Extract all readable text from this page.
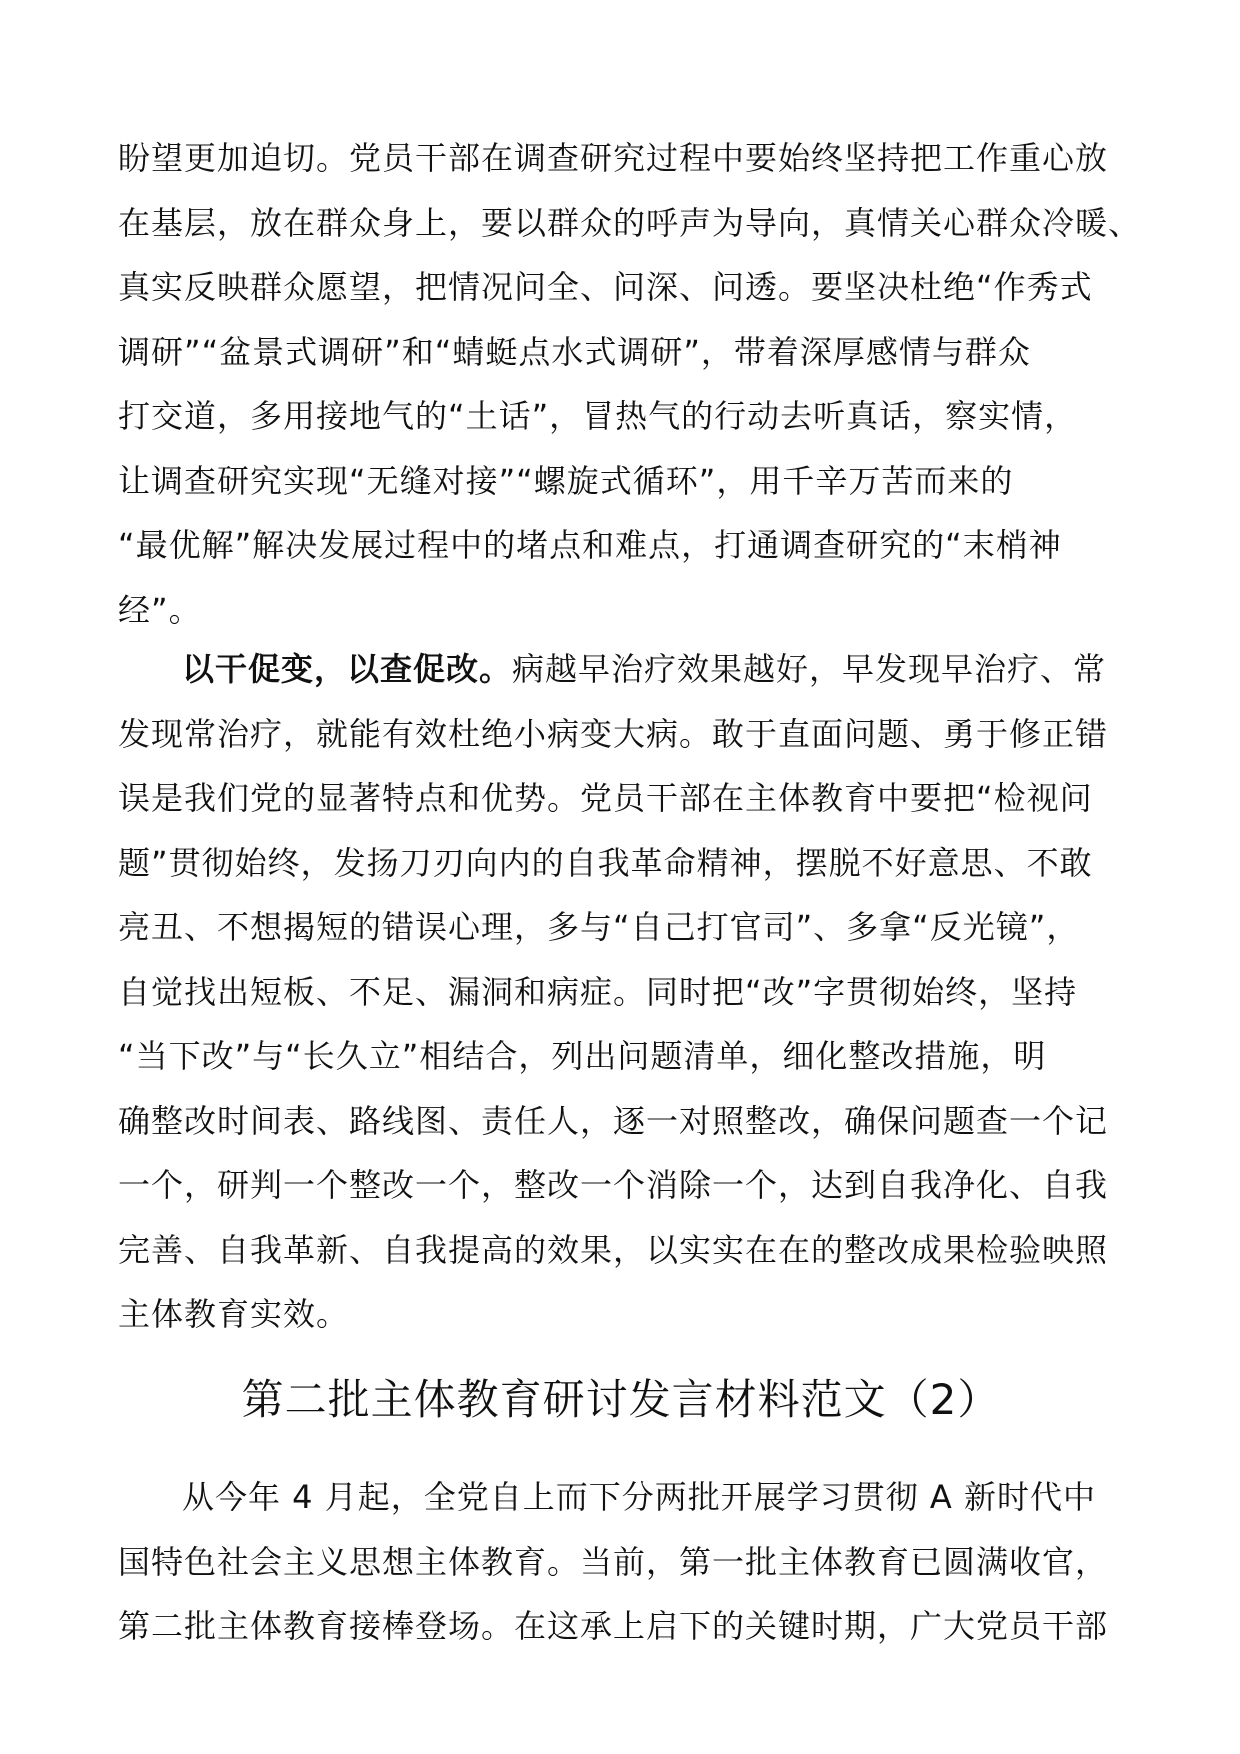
盼望更加迫切。党员干部在调查研究过程中要始终坚持把工作重心放
在基层，放在群众身上，要以群众的呼声为导向，真情关心群众冷暖、
真实反映群众愿望，把情况问全、问深、问透。要坚决杜绝“作秀式
调研”“盆景式调研”和“蜻蜓点水式调研”，带着深厚感情与群众
打交道，多用接地气的“土话”，冒热气的行动去听真话，察实情，
让调查研究实现“无缝对接”“螺旋式循环”，用千辛万苦而来的
“最优解”解决发展过程中的堵点和难点，打通调查研究的“末梢神
经”。
以干促变，以查促改。病越早治疗效果越好，早发现早治疗、常
发现常治疗，就能有效杜绝小病变大病。敢于直面问题、勇于修正错
误是我们党的显著特点和优势。党员干部在主体教育中要把“检视问
题”贯彻始终，发扬刀刃向内的自我革命精神，摆脱不好意思、不敢
亮丑、不想揭短的错误心理，多与“自己打官司”、多拿“反光镜”，
自觉找出短板、不足、漏洞和病症。同时把“改”字贯彻始终，坚持
“当下改”与“长久立”相结合，列出问题清单，细化整改措施，明
确整改时间表、路线图、责任人，逐一对照整改，确保问题查一个记
一个，研判一个整改一个，整改一个消除一个，达到自我净化、自我
完善、自我革新、自我提高的效果，以实实在在的整改成果检验映照
主体教育实效。
第二批主体教育研讨发言材料范文（2）
从今年 4 月起，全党自上而下分两批开展学习贯彻 A 新时代中
国特色社会主义思想主体教育。当前，第一批主体教育已圆满收官，
第二批主体教育接棒登场。在这承上启下的关键时期，广大党员干部
